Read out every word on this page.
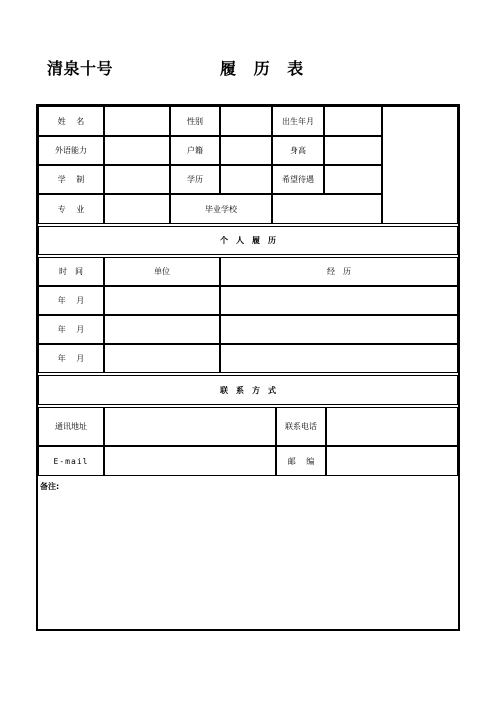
清泉十号	履 历 表
姓　 名	性别	出生年月
外语能力	户籍	身高
学　 制	学历	希望待遇
专　 业	毕业学校
个　人　履　历
时　间	单位	经　历
年　 月
年　 月
年　 月
联　系　方　式
通讯地址	联系电话
E-mail	邮　 编
备注:
